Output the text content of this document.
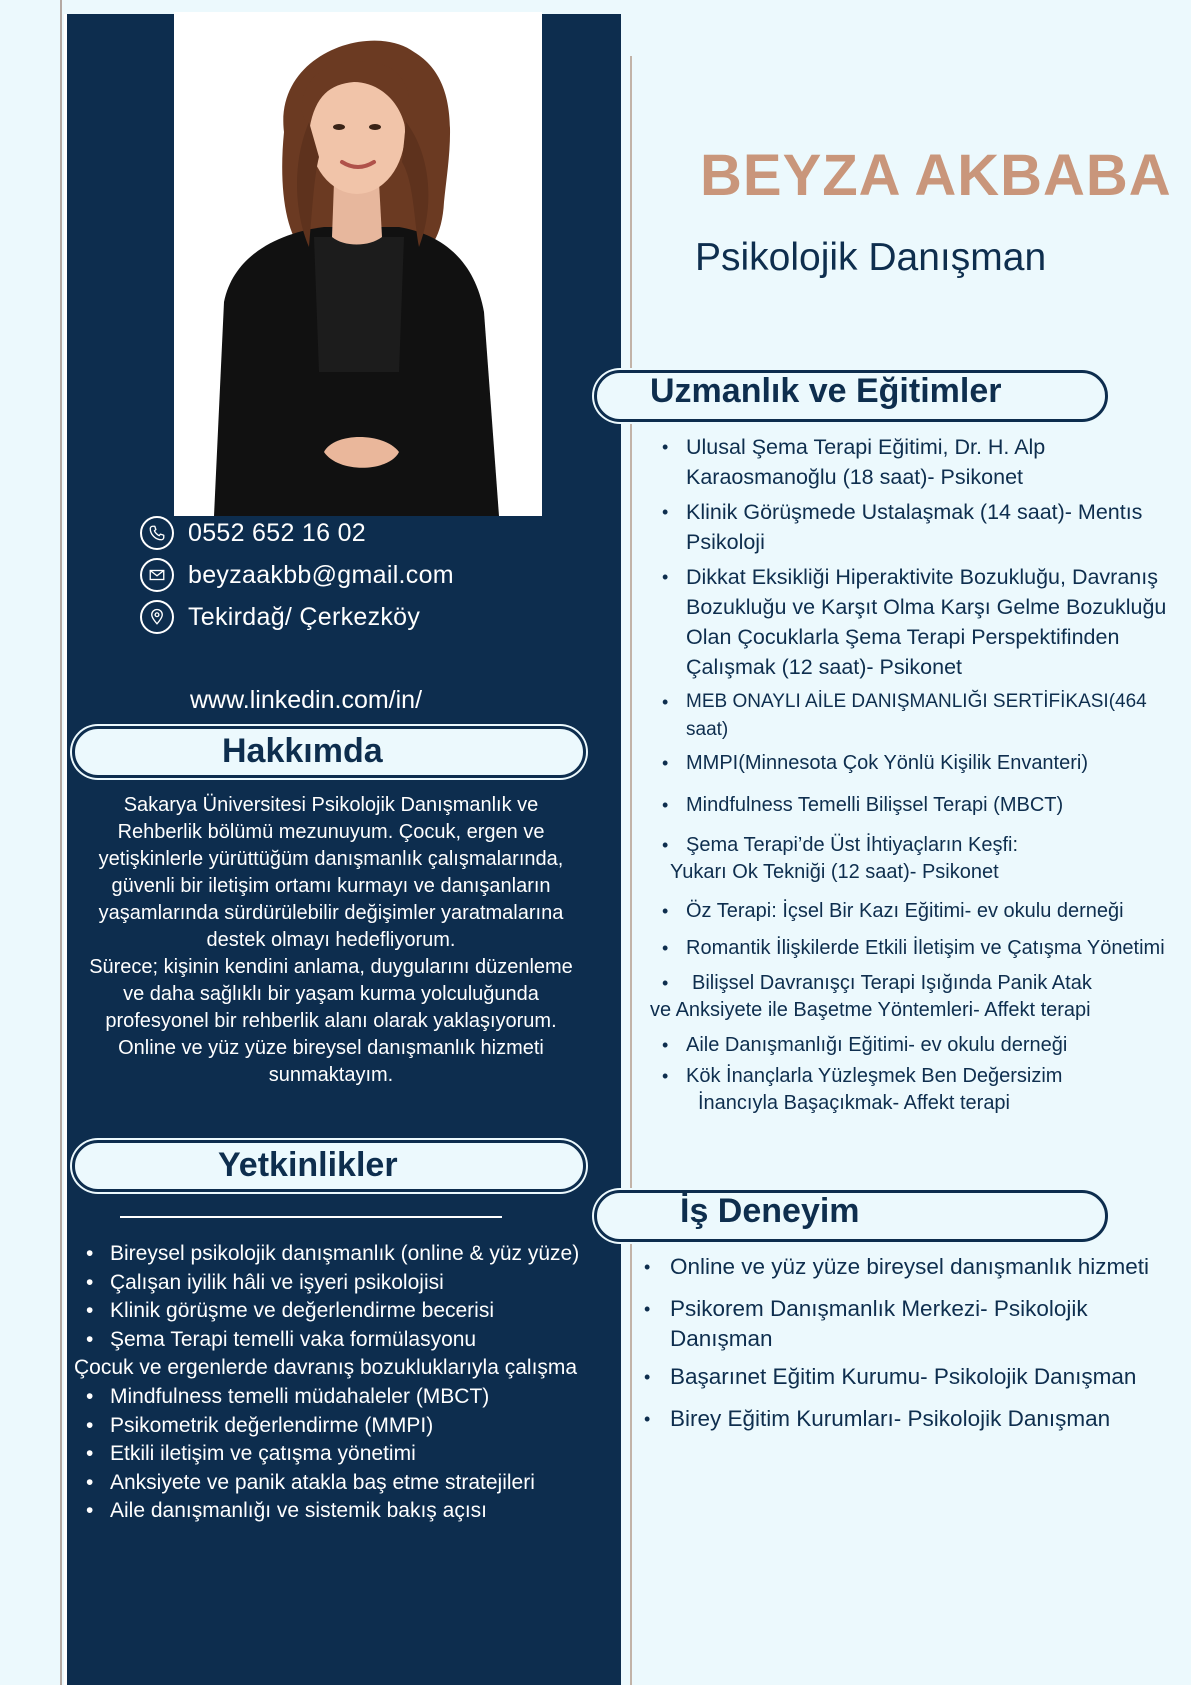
0552 652 16 02
beyzaakbb@gmail.com
Tekirdağ/ Çerkezköy
www.linkedin.com/in/
Hakkımda

Sakarya Üniversitesi Psikolojik Danışmanlık ve Rehberlik bölümü mezunuyum. Çocuk, ergen ve yetişkinlerle yürüttüğüm danışmanlık çalışmalarında, güvenli bir iletişim ortamı kurmayı ve danışanların yaşamlarında sürdürülebilir değişimler yaratmalarına destek olmayı hedefliyorum.

Sürece; kişinin kendini anlama, duygularını düzenleme ve daha sağlıklı bir yaşam kurma yolculuğunda profesyonel bir rehberlik alanı olarak yaklaşıyorum. Online ve yüz yüze bireysel danışmanlık hizmeti sunmaktayım.

Yetkinlikler
• Bireysel psikolojik danışmanlık (online & yüz yüze)
• Çalışan iyilik hâli ve işyeri psikolojisi
• Klinik görüşme ve değerlendirme becerisi
• Şema Terapi temelli vaka formülasyonu
Çocuk ve ergenlerde davranış bozukluklarıyla çalışma
• Mindfulness temelli müdahaleler (MBCT)
• Psikometrik değerlendirme (MMPI)
• Etkili iletişim ve çatışma yönetimi
• Anksiyete ve panik atakla baş etme stratejileri
• Aile danışmanlığı ve sistemik bakış açısı
BEYZA AKBABA
Psikolojik Danışman
Uzmanlık ve Eğitimler
• Ulusal Şema Terapi Eğitimi, Dr. H. Alp Karaosmanoğlu (18 saat)- Psikonet
• Klinik Görüşmede Ustalaşmak (14 saat)- Mentıs Psikoloji
• Dikkat Eksikliği Hiperaktivite Bozukluğu, Davranış Bozukluğu ve Karşıt Olma Karşı Gelme Bozukluğu Olan Çocuklarla Şema Terapi Perspektifinden Çalışmak (12 saat)- Psikonet
• MEB ONAYLI AİLE DANIŞMANLIĞI SERTİFİKASI(464 saat)
• MMPI(Minnesota Çok Yönlü Kişilik Envanteri)
• Mindfulness Temelli Bilişsel Terapi (MBCT)
• Şema Terapi’de Üst İhtiyaçların Keşfi:
Yukarı Ok Tekniği (12 saat)- Psikonet
• Öz Terapi: İçsel Bir Kazı Eğitimi- ev okulu derneği
• Romantik İlişkilerde Etkili İletişim ve Çatışma Yönetimi
• Bilişsel Davranışçı Terapi Işığında Panik Atak
ve Anksiyete ile Başetme Yöntemleri- Affekt terapi
• Aile Danışmanlığı Eğitimi- ev okulu derneği
• Kök İnançlarla Yüzleşmek Ben Değersizim
İnancıyla Başaçıkmak- Affekt terapi
İş Deneyim
• Online ve yüz yüze bireysel danışmanlık hizmeti
• Psikorem Danışmanlık Merkezi- Psikolojik Danışman
• Başarınet Eğitim Kurumu- Psikolojik Danışman
• Birey Eğitim Kurumları- Psikolojik Danışman
